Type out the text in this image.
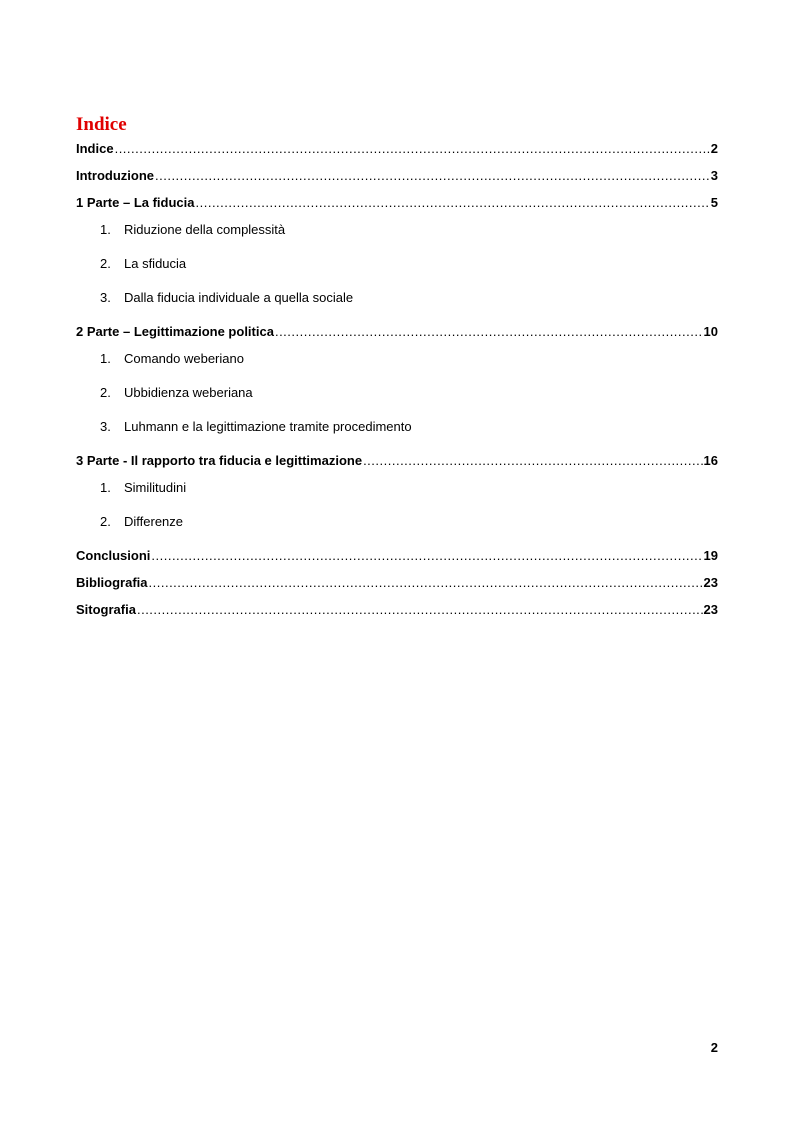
Indice
Indice .....	2
Introduzione .....	3
1 Parte – La fiducia .....	5
1.	Riduzione della complessità
2.	La sfiducia
3.	Dalla fiducia individuale a quella sociale
2 Parte – Legittimazione politica .....	10
1.	Comando weberiano
2.	Ubbidienza weberiana
3.	Luhmann e la legittimazione tramite procedimento
3 Parte - Il rapporto tra fiducia e legittimazione .....	16
1.	Similitudini
2.	Differenze
Conclusioni .....	19
Bibliografia .....	23
Sitografia .....	23
2
